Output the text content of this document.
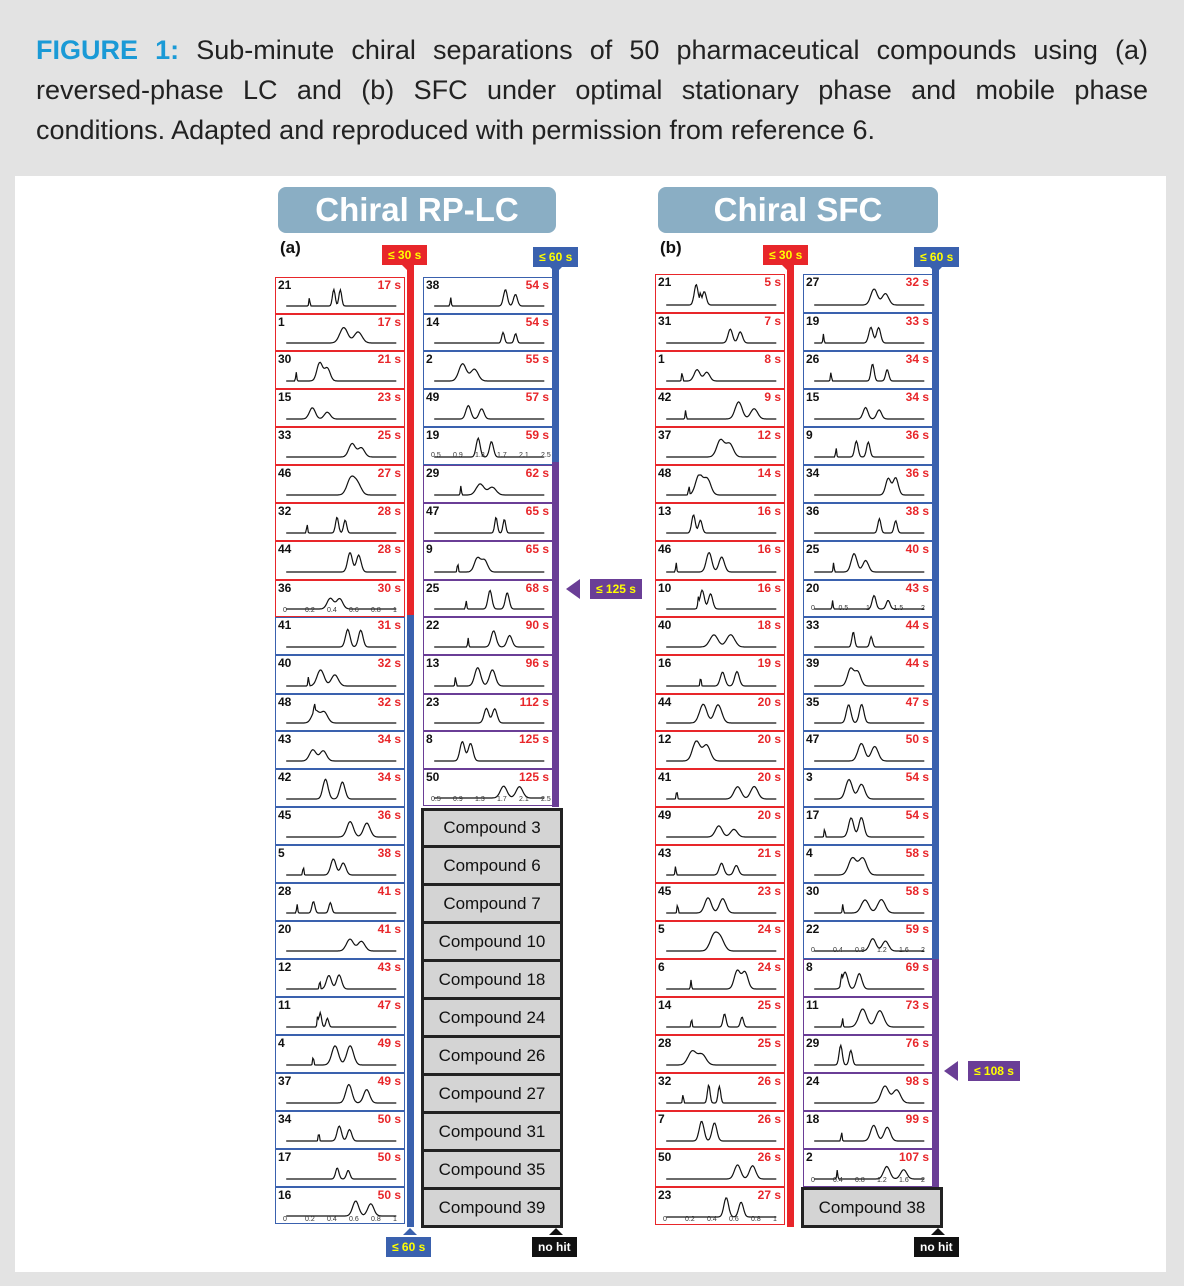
FIGURE 1: Sub-minute chiral separations of 50 pharmaceutical compounds using (a) reversed-phase LC and (b) SFC under optimal stationary phase and mobile phase conditions. Adapted and reproduced with permission from reference 6.
Chiral RP-LC
(a)
21	17 s
1	17 s
30	21 s
15	23 s
33	25 s
46	27 s
32	28 s
44	28 s
36	30 s
41	31 s
40	32 s
48	32 s
43	34 s
42	34 s
45	36 s
5	38 s
28	41 s
20	41 s
12	43 s
11	47 s
4	49 s
37	49 s
34	50 s
17	50 s
16	50 s
38	54 s
14	54 s
2	55 s
49	57 s
19	59 s
29	62 s
47	65 s
9	65 s
25	68 s
22	90 s
13	96 s
23	112 s
8	125 s
50	125 s
0	0.2 0.4 0.6 0.8 1
0	0.2 0.4 0.6 0.8 1
0.5 0.9 1.3 1.7 2.1 2.5
0.5 0.9 1.3 1.7 2.1 2.5
≤ 30 s	≤ 60 s
≤ 125 s
≤ 60 s	no hit
Compound 3
Compound 6
Compound 7
Compound 10
Compound 18
Compound 24
Compound 26
Compound 27
Compound 31
Compound 35
Compound 39
Chiral SFC
(b)
21	5 s
31	7 s
1	8 s
42	9 s
37	12 s
48	14 s
13	16 s
46	16 s
10	16 s
40	18 s
16	19 s
44	20 s
12	20 s
41	20 s
49	20 s
43	21 s
45	23 s
5	24 s
6	24 s
14	25 s
28	25 s
32	26 s
7	26 s
50	26 s
23	27 s
27	32 s
19	33 s
26	34 s
15	34 s
9	36 s
34	36 s
36	38 s
25	40 s
20	43 s
33	44 s
39	44 s
35	47 s
47	50 s
3	54 s
17	54 s
4	58 s
30	58 s
22	59 s
8	69 s
11	73 s
29	76 s
24	98 s
18	99 s
2	107 s
0	0.2 0.4 0.6 0.8 1
0	0.5	1	1.5	2
0	0.4 0.8 1.2 1.6 2
0	0.4 0.8 1.2 1.6 2
≤ 30 s	≤ 60 s
≤ 108 s
no hit
Compound 38
